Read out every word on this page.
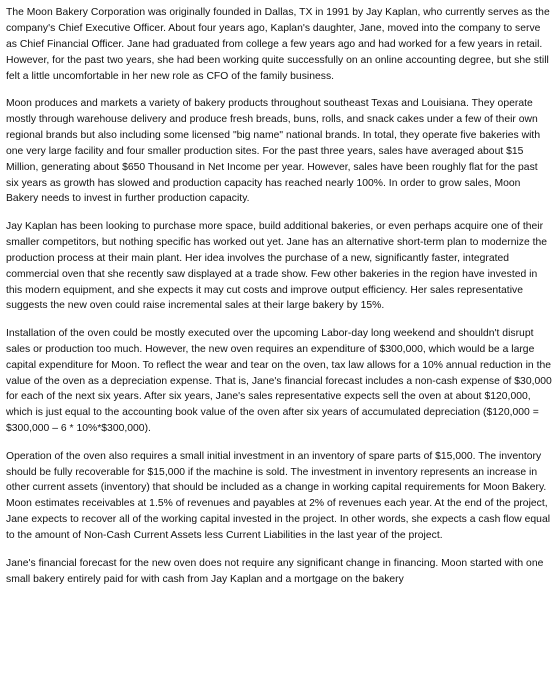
The Moon Bakery Corporation was originally founded in Dallas, TX in 1991 by Jay Kaplan, who currently serves as the company's Chief Executive Officer. About four years ago, Kaplan's daughter, Jane, moved into the company to serve as Chief Financial Officer. Jane had graduated from college a few years ago and had worked for a few years in retail. However, for the past two years, she had been working quite successfully on an online accounting degree, but she still felt a little uncomfortable in her new role as CFO of the family business.

Moon produces and markets a variety of bakery products throughout southeast Texas and Louisiana. They operate mostly through warehouse delivery and produce fresh breads, buns, rolls, and snack cakes under a few of their own regional brands but also including some licensed "big name" national brands. In total, they operate five bakeries with one very large facility and four smaller production sites. For the past three years, sales have averaged about $15 Million, generating about $650 Thousand in Net Income per year. However, sales have been roughly flat for the past six years as growth has slowed and production capacity has reached nearly 100%. In order to grow sales, Moon Bakery needs to invest in further production capacity.

Jay Kaplan has been looking to purchase more space, build additional bakeries, or even perhaps acquire one of their smaller competitors, but nothing specific has worked out yet. Jane has an alternative short-term plan to modernize the production process at their main plant. Her idea involves the purchase of a new, significantly faster, integrated commercial oven that she recently saw displayed at a trade show. Few other bakeries in the region have invested in this modern equipment, and she expects it may cut costs and improve output efficiency. Her sales representative suggests the new oven could raise incremental sales at their large bakery by 15%.

Installation of the oven could be mostly executed over the upcoming Labor-day long weekend and shouldn't disrupt sales or production too much. However, the new oven requires an expenditure of $300,000, which would be a large capital expenditure for Moon. To reflect the wear and tear on the oven, tax law allows for a 10% annual reduction in the value of the oven as a depreciation expense. That is, Jane's financial forecast includes a non-cash expense of $30,000 for each of the next six years. After six years, Jane's sales representative expects sell the oven at about $120,000, which is just equal to the accounting book value of the oven after six years of accumulated depreciation ($120,000 = $300,000 – 6 * 10%*$300,000).

Operation of the oven also requires a small initial investment in an inventory of spare parts of $15,000. The inventory should be fully recoverable for $15,000 if the machine is sold. The investment in inventory represents an increase in other current assets (inventory) that should be included as a change in working capital requirements for Moon Bakery. Moon estimates receivables at 1.5% of revenues and payables at 2% of revenues each year. At the end of the project, Jane expects to recover all of the working capital invested in the project. In other words, she expects a cash flow equal to the amount of Non-Cash Current Assets less Current Liabilities in the last year of the project.

Jane's financial forecast for the new oven does not require any significant change in financing. Moon started with one small bakery entirely paid for with cash from Jay Kaplan and a mortgage on the bakery
